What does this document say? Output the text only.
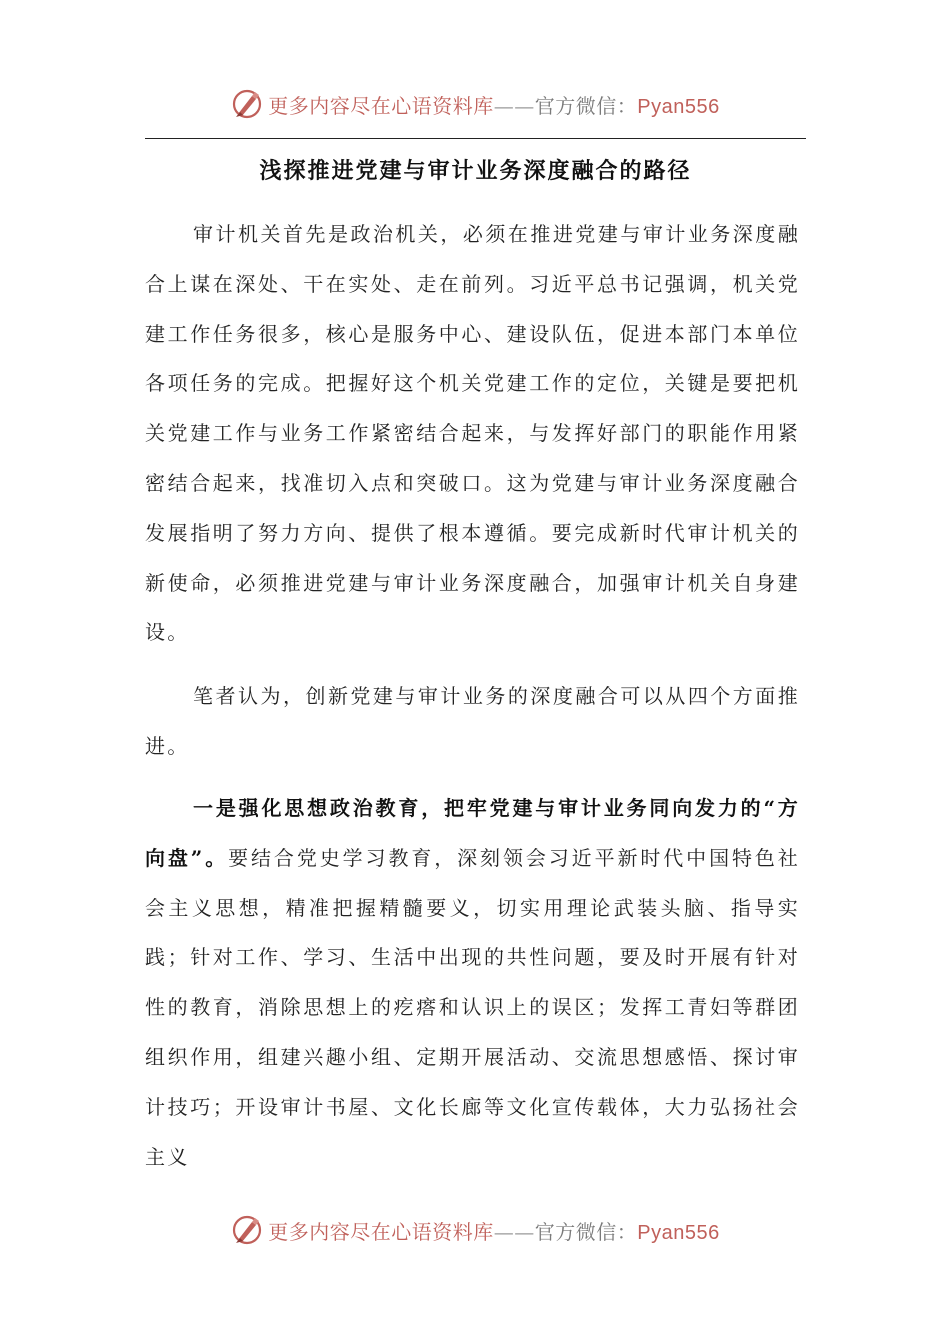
更多内容尽在心语资料库——官方微信：Pyan556
浅探推进党建与审计业务深度融合的路径

审计机关首先是政治机关，必须在推进党建与审计业务深度融合上谋在深处、干在实处、走在前列。习近平总书记强调，机关党建工作任务很多，核心是服务中心、建设队伍，促进本部门本单位各项任务的完成。把握好这个机关党建工作的定位，关键是要把机关党建工作与业务工作紧密结合起来，与发挥好部门的职能作用紧密结合起来，找准切入点和突破口。这为党建与审计业务深度融合发展指明了努力方向、提供了根本遵循。要完成新时代审计机关的新使命，必须推进党建与审计业务深度融合，加强审计机关自身建设。

笔者认为，创新党建与审计业务的深度融合可以从四个方面推进。

一是强化思想政治教育，把牢党建与审计业务同向发力的“方向盘”。要结合党史学习教育，深刻领会习近平新时代中国特色社会主义思想，精准把握精髓要义，切实用理论武装头脑、指导实践；针对工作、学习、生活中出现的共性问题，要及时开展有针对性的教育，消除思想上的疙瘩和认识上的误区；发挥工青妇等群团组织作用，组建兴趣小组、定期开展活动、交流思想感悟、探讨审计技巧；开设审计书屋、文化长廊等文化宣传载体，大力弘扬社会主义

更多内容尽在心语资料库——官方微信：Pyan556
